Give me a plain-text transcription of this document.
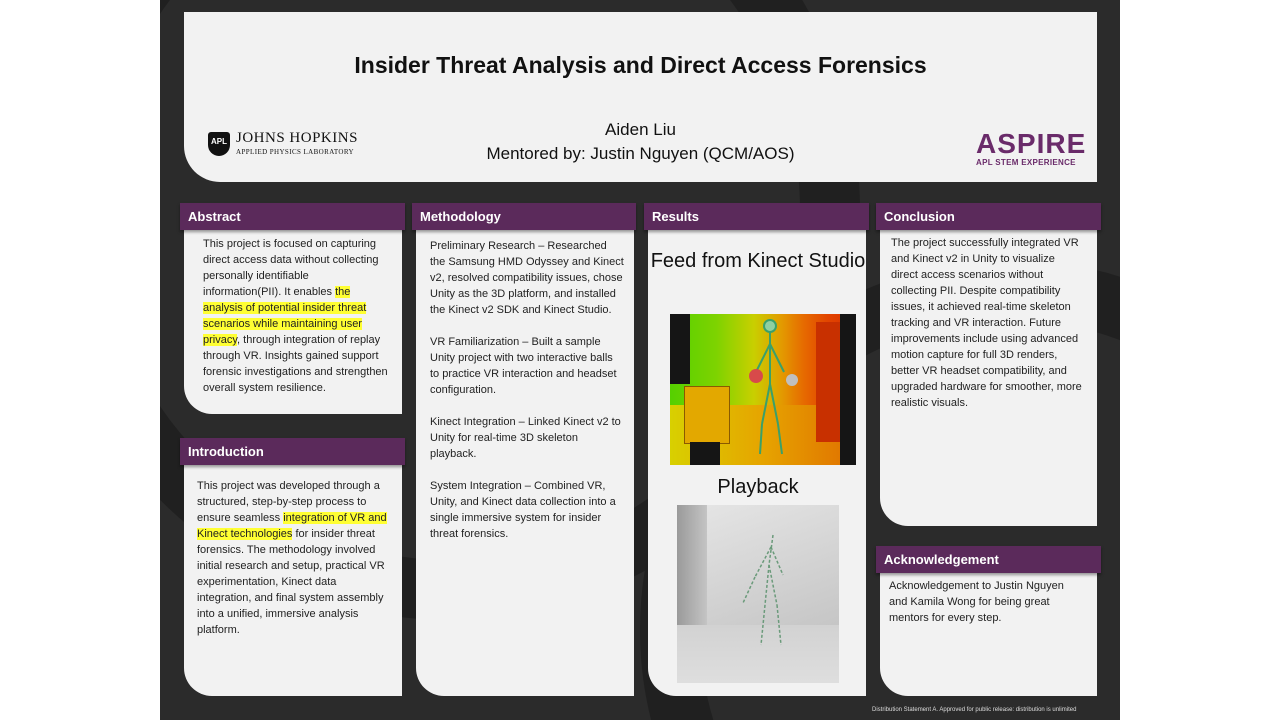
Insider Threat Analysis and Direct Access Forensics
Aiden Liu
Mentored by: Justin Nguyen (QCM/AOS)
APL JOHNS HOPKINS
APPLIED PHYSICS LABORATORY	ASPIRE
APL STEM EXPERIENCE
Abstract
This project is focused on capturing direct access data without collecting personally identifiable information(PII). It enables the analysis of potential insider threat scenarios while maintaining user privacy, through integration of replay through VR. Insights gained support forensic investigations and strengthen overall system resilience.
Introduction
This project was developed through a structured, step-by-step process to ensure seamless integration of VR and Kinect technologies for insider threat forensics. The methodology involved initial research and setup, practical VR experimentation, Kinect data integration, and final system assembly into a unified, immersive analysis platform.
Methodology

Preliminary Research – Researched the Samsung HMD Odyssey and Kinect v2, resolved compatibility issues, chose Unity as the 3D platform, and installed the Kinect v2 SDK and Kinect Studio.

VR Familiarization – Built a sample Unity project with two interactive balls to practice VR interaction and headset configuration.

Kinect Integration – Linked Kinect v2 to Unity for real-time 3D skeleton playback.

System Integration – Combined VR, Unity, and Kinect data collection into a single immersive system for insider threat forensics.

Results
Feed from Kinect Studio
Playback
Conclusion
The project successfully integrated VR and Kinect v2 in Unity to visualize direct access scenarios without collecting PII. Despite compatibility issues, it achieved real-time skeleton tracking and VR interaction. Future improvements include using advanced motion capture for full 3D renders, better VR headset compatibility, and upgraded hardware for smoother, more realistic visuals.
Acknowledgement
Acknowledgement to Justin Nguyen and Kamila Wong for being great mentors for every step.
Distribution Statement A. Approved for public release: distribution is unlimited
